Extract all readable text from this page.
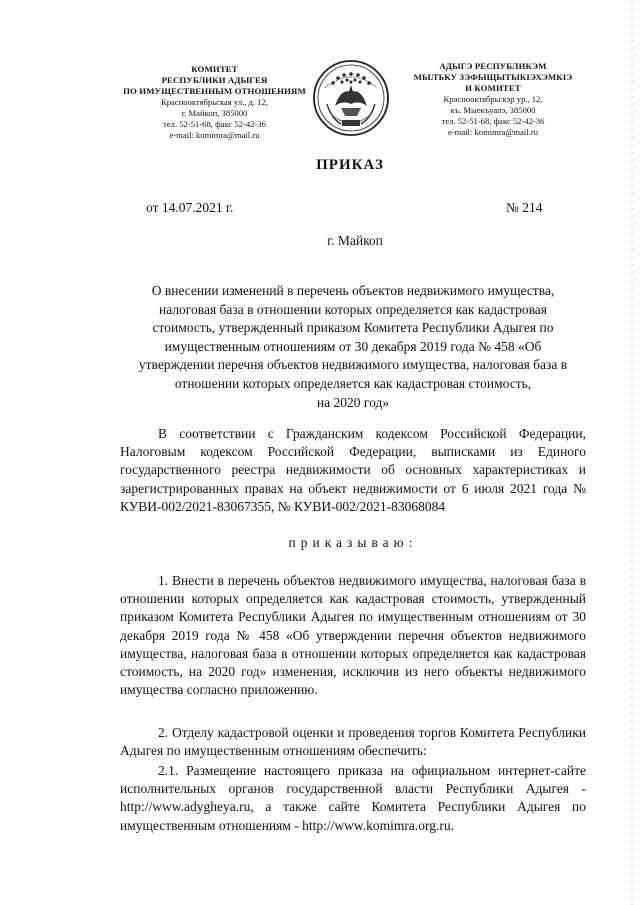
КОМИТЕТ
РЕСПУБЛИКИ АДЫГЕЯ
ПО ИМУЩЕСТВЕННЫМ ОТНОШЕНИЯМ
Краснооктябрьская ул., д. 12,
г. Майкоп, 385000
тел. 52-51-68, факс 52-42-36
e-mail: komimra@mail.ru
АДЫГЭ РЕСПУБЛИКЭМ
МЫЛЪКУ ЗЭФЫЩЫТЫКIЭХЭМКIЭ
И КОМИТЕТ
Краснооктябрьскэр ур., 12,
къ. Мыекъуапэ, 385000
тел. 52-51-68, факс 52-42-36
e-mail: komimra@mail.ru
ПРИКАЗ
от 14.07.2021 г.	№ 214
г. Майкоп
О внесении изменений в перечень объектов недвижимого имущества,
налоговая база в отношении которых определяется как кадастровая
стоимость, утвержденный приказом Комитета Республики Адыгея по
имущественным отношениям от 30 декабря 2019 года № 458 «Об
утверждении перечня объектов недвижимого имущества, налоговая база в
отношении которых определяется как кадастровая стоимость,
на 2020 год»
В соответствии с Гражданским кодексом Российской Федерации, Налоговым кодексом Российской Федерации, выписками из Единого государственного реестра недвижимости об основных характеристиках и зарегистрированных правах на объект недвижимости от 6 июля 2021 года № КУВИ-002/2021-83067355, № КУВИ-002/2021-83068084
приказываю:
1. Внести в перечень объектов недвижимого имущества, налоговая база в отношении которых определяется как кадастровая стоимость, утвержденный приказом Комитета Республики Адыгея по имущественным отношениям от 30 декабря 2019 года № 458 «Об утверждении перечня объектов недвижимого имущества, налоговая база в отношении которых определяется как кадастровая стоимость, на 2020 год» изменения, исключив из него объекты недвижимого имущества согласно приложению.
2. Отделу кадастровой оценки и проведения торгов Комитета Республики Адыгея по имущественным отношениям обеспечить:
2.1. Размещение настоящего приказа на официальном интернет-сайте исполнительных органов государственной власти Республики Адыгея - http://www.adygheya.ru, а также сайте Комитета Республики Адыгея по имущественным отношениям - http://www.komimra.org.ru.
